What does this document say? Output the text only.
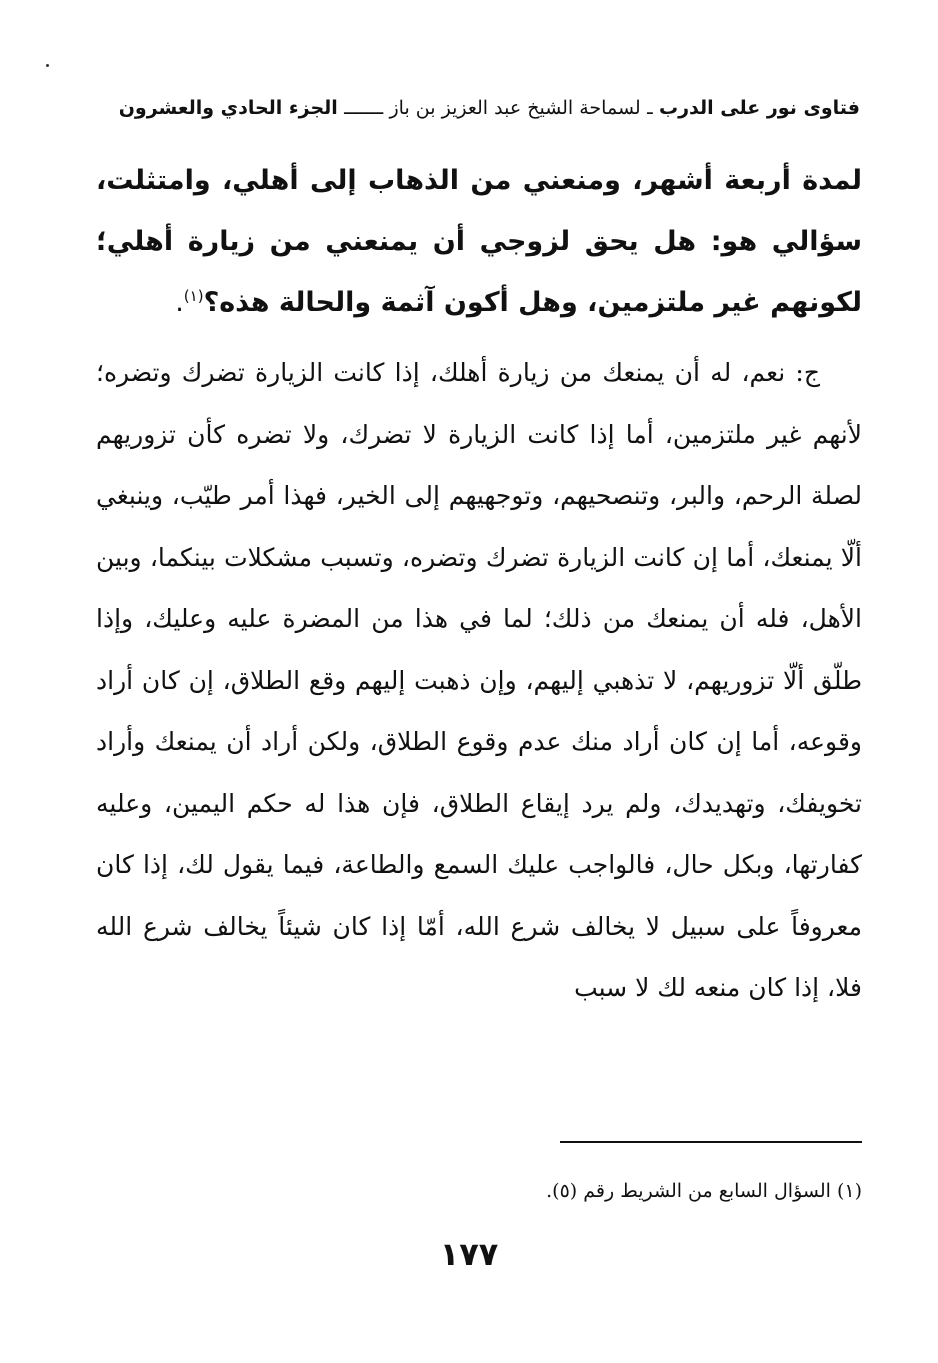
فتاوى نور على الدرب ـ لسماحة الشيخ عبد العزيز بن باز ـــــــ الجزء الحادي والعشرون
لمدة أربعة أشهر، ومنعني من الذهاب إلى أهلي، وامتثلت، سؤالي هو: هل يحق لزوجي أن يمنعني من زيارة أهلي؛ لكونهم غير ملتزمين، وهل أكون آثمة والحالة هذه؟$^{(١)}$.
ج: نعم، له أن يمنعك من زيارة أهلك، إذا كانت الزيارة تضرك وتضره؛ لأنهم غير ملتزمين، أما إذا كانت الزيارة لا تضرك، ولا تضره كأن تزوريهم لصلة الرحم، والبر، وتنصحيهم، وتوجهيهم إلى الخير، فهذا أمر طيّب، وينبغي ألّا يمنعك، أما إن كانت الزيارة تضرك وتضره، وتسبب مشكلات بينكما، وبين الأهل، فله أن يمنعك من ذلك؛ لما في هذا من المضرة عليه وعليك، وإذا طلّق ألّا تزوريهم، لا تذهبي إليهم، وإن ذهبت إليهم وقع الطلاق، إن كان أراد وقوعه، أما إن كان أراد منك عدم وقوع الطلاق، ولكن أراد أن يمنعك وأراد تخويفك، وتهديدك، ولم يرد إيقاع الطلاق، فإن هذا له حكم اليمين، وعليه كفارتها، وبكل حال، فالواجب عليك السمع والطاعة، فيما يقول لك، إذا كان معروفاً على سبيل لا يخالف شرع الله، أمّا إذا كان شيئاً يخالف شرع الله فلا، إذا كان منعه لك لا سبب
(١) السؤال السابع من الشريط رقم (٥).
١٧٧
